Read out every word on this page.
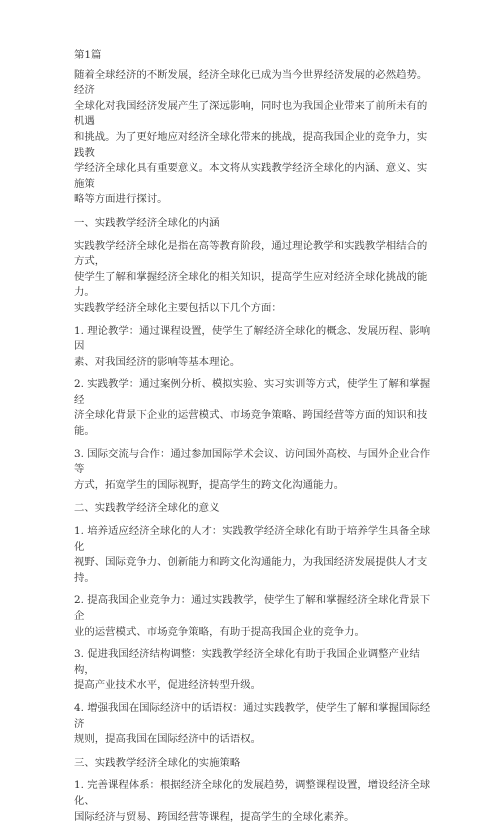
第1篇

随着全球经济的不断发展，经济全球化已成为当今世界经济发展的必然趋势。经济
全球化对我国经济发展产生了深远影响，同时也为我国企业带来了前所未有的机遇
和挑战。为了更好地应对经济全球化带来的挑战，提高我国企业的竞争力，实践教
学经济全球化具有重要意义。本文将从实践教学经济全球化的内涵、意义、实施策
略等方面进行探讨。

一、实践教学经济全球化的内涵

实践教学经济全球化是指在高等教育阶段，通过理论教学和实践教学相结合的方式，
使学生了解和掌握经济全球化的相关知识，提高学生应对经济全球化挑战的能力。
实践教学经济全球化主要包括以下几个方面：

1. 理论教学：通过课程设置，使学生了解经济全球化的概念、发展历程、影响因
素、对我国经济的影响等基本理论。

2. 实践教学：通过案例分析、模拟实验、实习实训等方式，使学生了解和掌握经
济全球化背景下企业的运营模式、市场竞争策略、跨国经营等方面的知识和技能。

3. 国际交流与合作：通过参加国际学术会议、访问国外高校、与国外企业合作等
方式，拓宽学生的国际视野，提高学生的跨文化沟通能力。

二、实践教学经济全球化的意义

1. 培养适应经济全球化的人才：实践教学经济全球化有助于培养学生具备全球化
视野、国际竞争力、创新能力和跨文化沟通能力，为我国经济发展提供人才支持。

2. 提高我国企业竞争力：通过实践教学，使学生了解和掌握经济全球化背景下企
业的运营模式、市场竞争策略，有助于提高我国企业的竞争力。

3. 促进我国经济结构调整：实践教学经济全球化有助于我国企业调整产业结构，
提高产业技术水平，促进经济转型升级。

4. 增强我国在国际经济中的话语权：通过实践教学，使学生了解和掌握国际经济
规则，提高我国在国际经济中的话语权。

三、实践教学经济全球化的实施策略

1. 完善课程体系：根据经济全球化的发展趋势，调整课程设置，增设经济全球化、
国际经济与贸易、跨国经营等课程，提高学生的全球化素养。
